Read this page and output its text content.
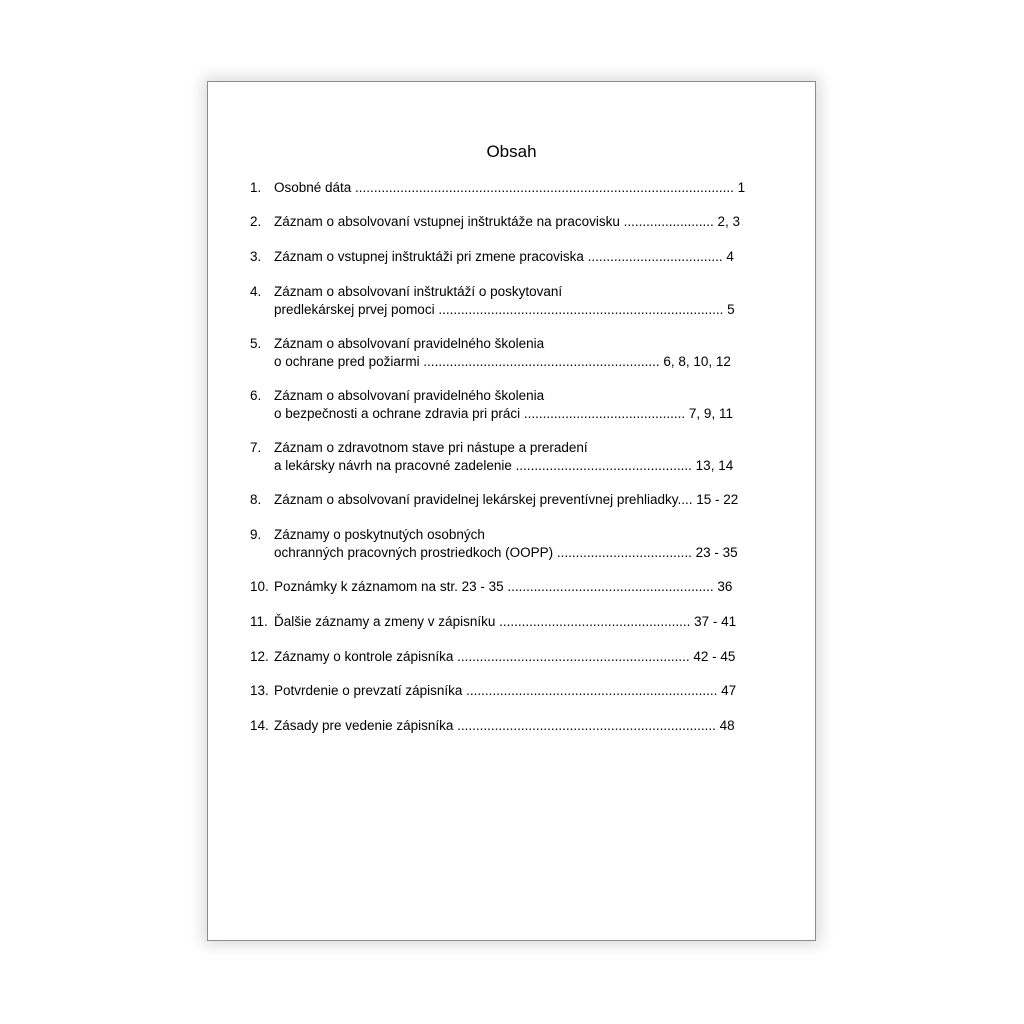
Obsah
1. Osobné dáta ..................................................................................................... 1
2. Záznam o absolvovaní vstupnej inštruktáže na pracovisku ........................ 2, 3
3. Záznam o vstupnej inštruktáži pri zmene pracoviska .................................... 4
4. Záznam o absolvovaní inštruktáží o poskytovaní
predlekárskej prvej pomoci ............................................................................ 5
5. Záznam o absolvovaní pravidelného školenia
o ochrane pred požiarmi ............................................................... 6, 8, 10, 12
6. Záznam o absolvovaní pravidelného školenia
o bezpečnosti a ochrane zdravia pri práci ........................................... 7, 9, 11
7. Záznam o zdravotnom stave pri nástupe a preradení
a lekársky návrh na pracovné zadelenie ............................................... 13, 14
8. Záznam o absolvovaní pravidelnej lekárskej preventívnej prehliadky.... 15 - 22
9. Záznamy o poskytnutých osobných
ochranných pracovných prostriedkoch (OOPP) .................................... 23 - 35
10. Poznámky k záznamom na str. 23 - 35 ....................................................... 36
11. Ďalšie záznamy a zmeny v zápisníku ................................................... 37 - 41
12. Záznamy o kontrole zápisníka .............................................................. 42 - 45
13. Potvrdenie o prevzatí zápisníka ................................................................... 47
14. Zásady pre vedenie zápisníka ..................................................................... 48
